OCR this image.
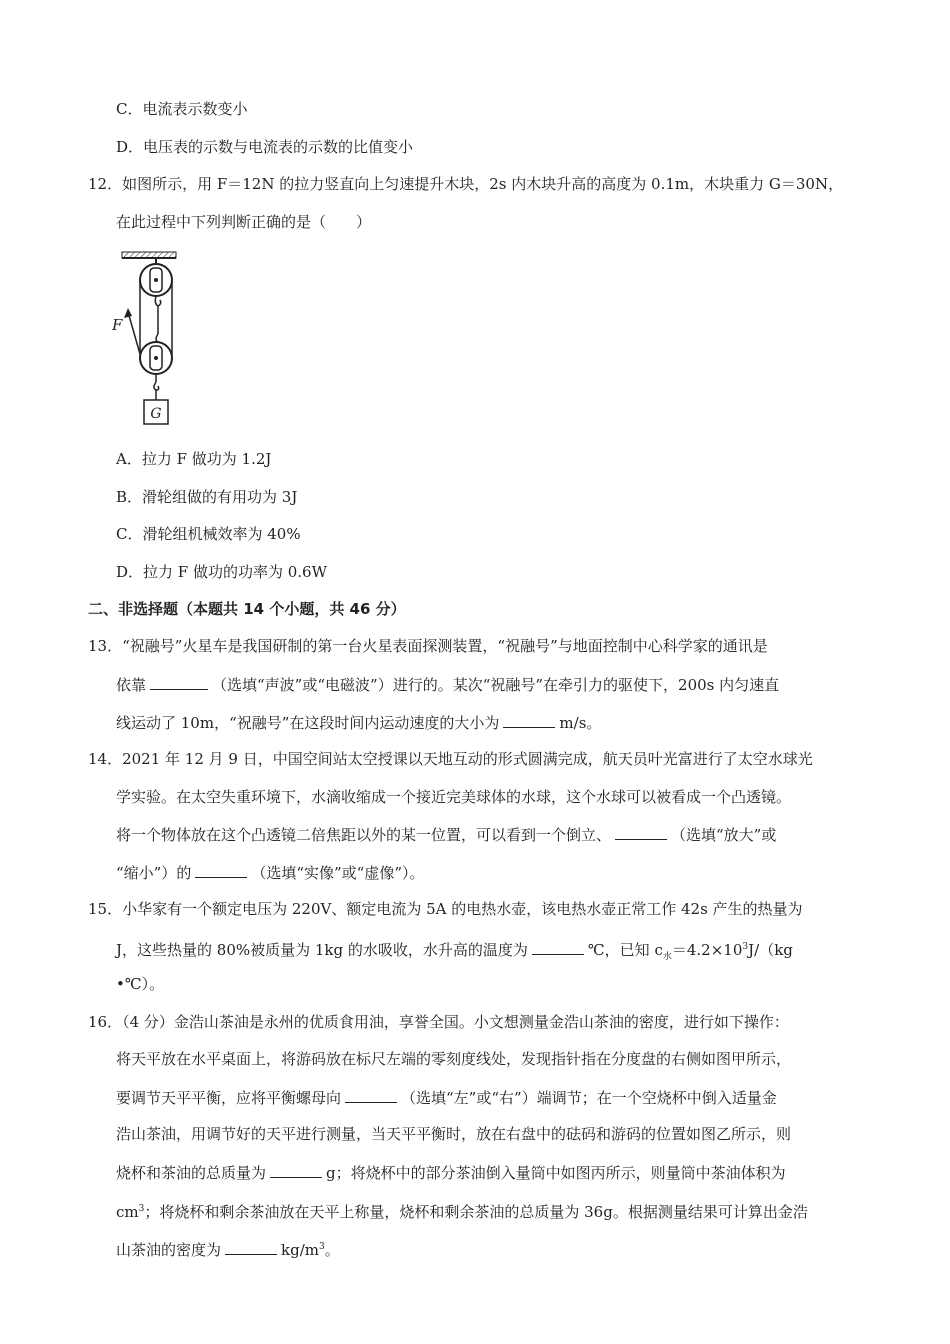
C．电流表示数变小
D．电压表的示数与电流表的示数的比值变小
12．如图所示，用 F＝12N 的拉力竖直向上匀速提升木块，2s 内木块升高的高度为 0.1m，木块重力 G＝30N，
在此过程中下列判断正确的是（　　）
G
F
A．拉力 F 做功为 1.2J
B．滑轮组做的有用功为 3J
C．滑轮组机械效率为 40%
D．拉力 F 做功的功率为 0.6W
二、非选择题（本题共 14 个小题，共 46 分）
13．“祝融号”火星车是我国研制的第一台火星表面探测装置，“祝融号”与地面控制中心科学家的通讯是
依靠	（选填“声波”或“电磁波”）进行的。某次“祝融号”在牵引力的驱使下，200s 内匀速直
线运动了 10m，“祝融号”在这段时间内运动速度的大小为	m/s。
14．2021 年 12 月 9 日，中国空间站太空授课以天地互动的形式圆满完成，航天员叶光富进行了太空水球光
学实验。在太空失重环境下，水滴收缩成一个接近完美球体的水球，这个水球可以被看成一个凸透镜。
将一个物体放在这个凸透镜二倍焦距以外的某一位置，可以看到一个倒立、	（选填“放大”或
“缩小”）的	（选填“实像”或“虚像”）。
15．小华家有一个额定电压为 220V、额定电流为 5A 的电热水壶，该电热水壶正常工作 42s 产生的热量为
J，这些热量的 80%被质量为 1kg 的水吸收，水升高的温度为	℃，已知 $c_水=4.2\times 10^3J/(kg$
•℃）。
16．（4 分）金浩山茶油是永州的优质食用油，享誉全国。小文想测量金浩山茶油的密度，进行如下操作：
将天平放在水平桌面上，将游码放在标尺左端的零刻度线处，发现指针指在分度盘的右侧如图甲所示，
要调节天平平衡，应将平衡螺母向	（选填“左”或“右”）端调节；在一个空烧杯中倒入适量金
浩山茶油，用调节好的天平进行测量，当天平平衡时，放在右盘中的砝码和游码的位置如图乙所示，则
烧杯和茶油的总质量为	g；将烧杯中的部分茶油倒入量筒中如图丙所示，则量筒中茶油体积为
$cm^3$；将烧杯和剩余茶油放在天平上称量，烧杯和剩余茶油的总质量为 36g。根据测量结果可计算出金浩
山茶油的密度为	$kg/m^3$。
